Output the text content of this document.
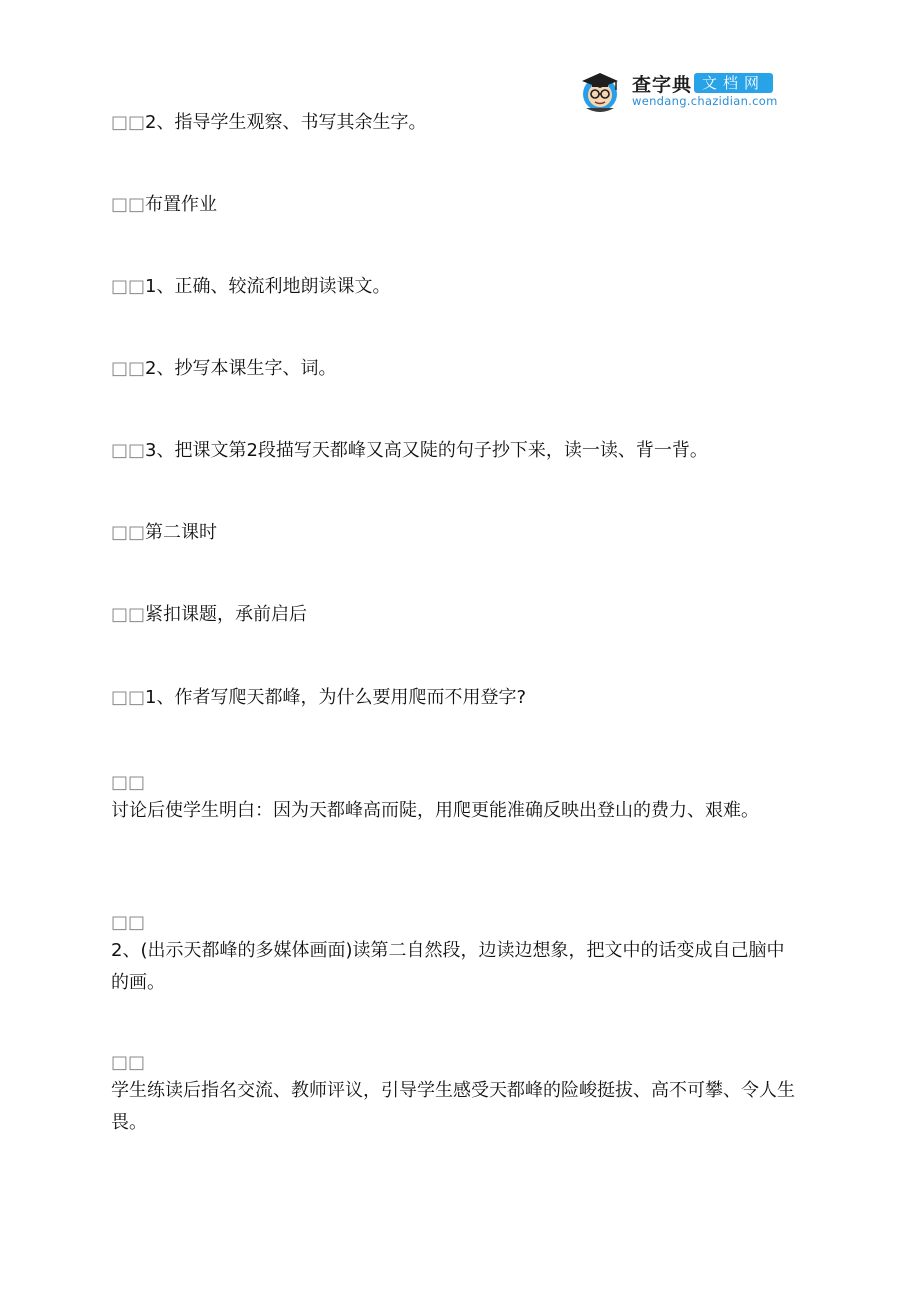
查字典 文档网
wendang.chazidian.com
□□2、指导学生观察、书写其余生字。
□□布置作业
□□1、正确、较流利地朗读课文。
□□2、抄写本课生字、词。
□□3、把课文第2段描写天都峰又高又陡的句子抄下来，读一读、背一背。
□□第二课时
□□紧扣课题，承前启后
□□1、作者写爬天都峰，为什么要用爬而不用登字?
□□
讨论后使学生明白：因为天都峰高而陡，用爬更能准确反映出登山的费力、艰难。
□□
2、(出示天都峰的多媒体画面)读第二自然段，边读边想象，把文中的话变成自己脑中的画。
□□
学生练读后指名交流、教师评议，引导学生感受天都峰的险峻挺拔、高不可攀、令人生畏。
